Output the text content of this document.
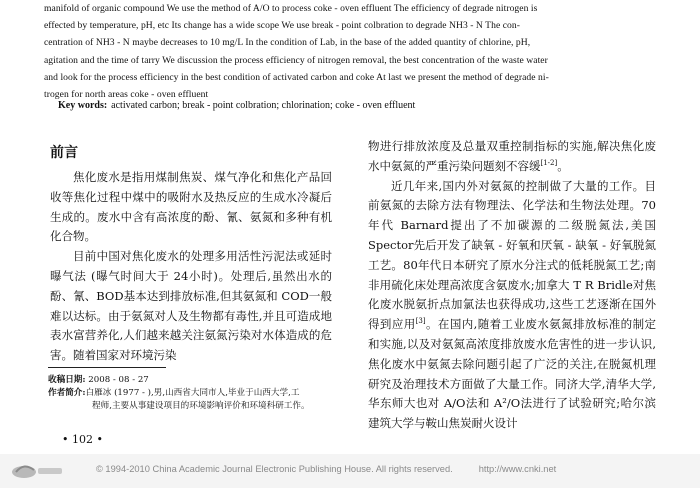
manifold of organic compound We use the method of A/O to process coke - oven effluent The efficiency of degrade nitrogen is

effected by temperature, pH, etc Its change has a wide scope We use break - point colbration to degrade NH3 - N The con-

centration of NH3 - N maybe decreases to 10 mg/L In the condition of Lab, in the base of the added quantity of chlorine, pH,

agitation and the time of tarry We discussion the process efficiency of nitrogen removal, the best concentration of the waste water

and look for the process efficiency in the best condition of activated carbon and coke At last we present the method of degrade ni-

trogen for north areas coke - oven effluent

Key words: activated carbon; break - point colbration; chlorination; coke - oven effluent
前言

焦化废水是指用煤制焦炭、煤气净化和焦化产品回收等焦化过程中煤中的吸附水及热反应的生成水冷凝后生成的。废水中含有高浓度的酚、氰、氨氮和多种有机化合物。

目前中国对焦化废水的处理多用活性污泥法或延时曝气法 (曝气时间大于 24小时)。处理后,虽然出水的酚、氰、BOD基本达到排放标准,但其氨氮和 COD一般难以达标。由于氨氮对人及生物都有毒性,并且可造成地表水富营养化,人们越来越关注氨氮污染对水体造成的危害。随着国家对环境污染

物进行排放浓度及总量双重控制指标的实施,解决焦化废水中氨氮的严重污染问题刻不容缓[1-2]。

近几年来,国内外对氨氮的控制做了大量的工作。目前氨氮的去除方法有物理法、化学法和生物法处理。70年代 Barnard提出了不加碳源的二级脱氮法,美国 Spector先后开发了缺氧 - 好氧和厌氧 - 缺氧 - 好氧脱氮工艺。80年代日本研究了原水分注式的低耗脱氮工艺;南非用硫化床处理高浓度含氨废水;加拿大 T R Bridle对焦化废水脱氨折点加氯法也获得成功,这些工艺逐渐在国外得到应用[3]。在国内,随着工业废水氨氮排放标准的制定和实施,以及对氨氮高浓度排放废水危害性的进一步认识,焦化废水中氨氮去除问题引起了广泛的关注,在脱氮机理研究及治理技术方面做了大量工作。同济大学,清华大学,华东师大也对 A/O法和 A²/O法进行了试验研究;哈尔滨建筑大学与鞍山焦炭耐火设计

收稿日期: 2008 - 08 - 27
作者简介:白雁冰 (1977 - ),男,山西省大同市人,毕业于山西大学,工
程师,主要从事建设项目的环境影响评价和环境科研工作。
• 102 •
© 1994-2010 China Academic Journal Electronic Publishing House. All rights reserved.	http://www.cnki.net
